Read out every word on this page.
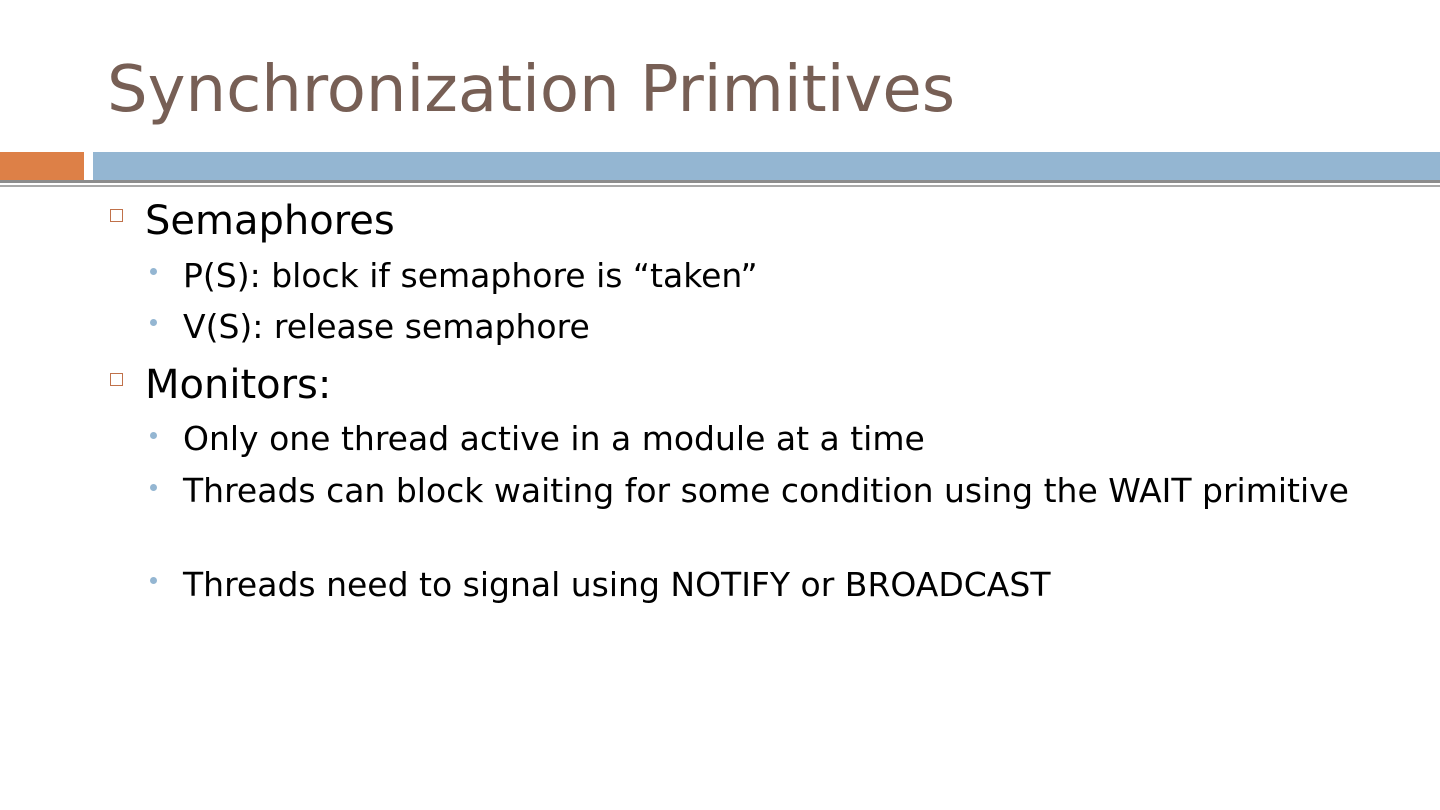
Synchronization Primitives
Semaphores
P(S): block if semaphore is “taken”
V(S): release semaphore
Monitors:
Only one thread active in a module at a time
Threads can block waiting for some condition using the WAIT primitive
Threads need to signal using NOTIFY or BROADCAST
